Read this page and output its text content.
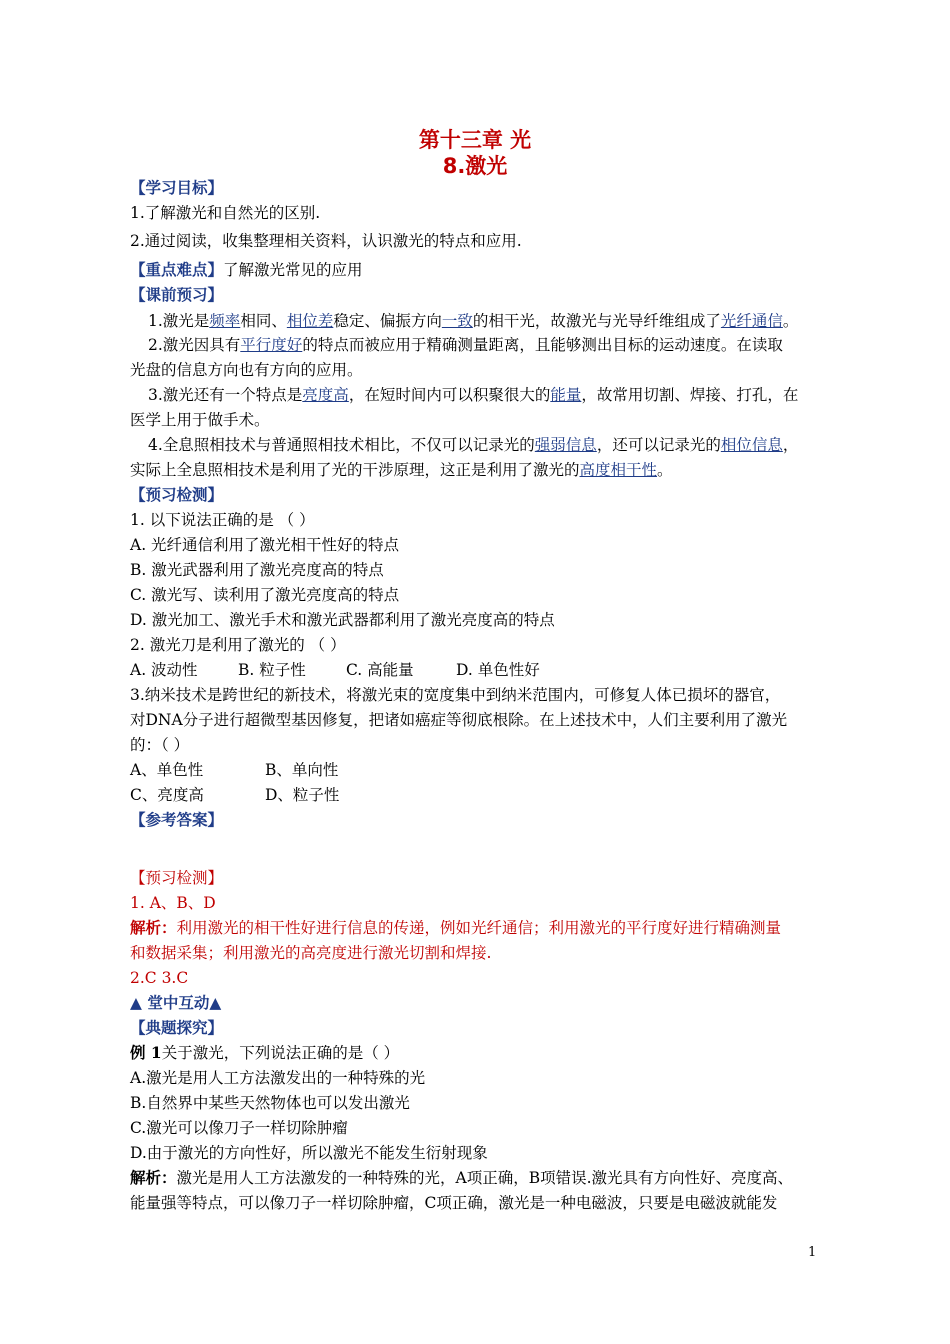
第十三章 光
8.激光
【学习目标】
1.了解激光和自然光的区别.
2.通过阅读，收集整理相关资料，认识激光的特点和应用.
【重点难点】了解激光常见的应用
【课前预习】
1.激光是频率相同、相位差稳定、偏振方向一致的相干光，故激光与光导纤维组成了光纤通信。
2.激光因具有平行度好的特点而被应用于精确测量距离，且能够测出目标的运动速度。在读取
光盘的信息方向也有方向的应用。
3.激光还有一个特点是亮度高，在短时间内可以积聚很大的能量，故常用切割、焊接、打孔，在
医学上用于做手术。
4.全息照相技术与普通照相技术相比，不仅可以记录光的强弱信息，还可以记录光的相位信息，
实际上全息照相技术是利用了光的干涉原理，这正是利用了激光的高度相干性。
【预习检测】
1. 以下说法正确的是 （ ）
A. 光纤通信利用了激光相干性好的特点
B. 激光武器利用了激光亮度高的特点
C. 激光写、读利用了激光亮度高的特点
D. 激光加工、激光手术和激光武器都利用了激光亮度高的特点
2. 激光刀是利用了激光的 （ ）
A. 波动性	B. 粒子性	C. 高能量	D. 单色性好
3.纳米技术是跨世纪的新技术，将激光束的宽度集中到纳米范围内，可修复人体已损坏的器官，
对DNA分子进行超微型基因修复，把诸如癌症等彻底根除。在上述技术中，人们主要利用了激光
的：（ ）
A、单色性	B、单向性
C、亮度高	D、粒子性
【参考答案】
【预习检测】
1. A、B、D
解析：利用激光的相干性好进行信息的传递，例如光纤通信；利用激光的平行度好进行精确测量
和数据采集；利用激光的高亮度进行激光切割和焊接.
2.C 3.C
▲ 堂中互动▲
【典题探究】
例 1关于激光，下列说法正确的是（ ）
A.激光是用人工方法激发出的一种特殊的光
B.自然界中某些天然物体也可以发出激光
C.激光可以像刀子一样切除肿瘤
D.由于激光的方向性好，所以激光不能发生衍射现象
解析：激光是用人工方法激发的一种特殊的光，A项正确，B项错误.激光具有方向性好、亮度高、
能量强等特点，可以像刀子一样切除肿瘤，C项正确，激光是一种电磁波，只要是电磁波就能发
1
